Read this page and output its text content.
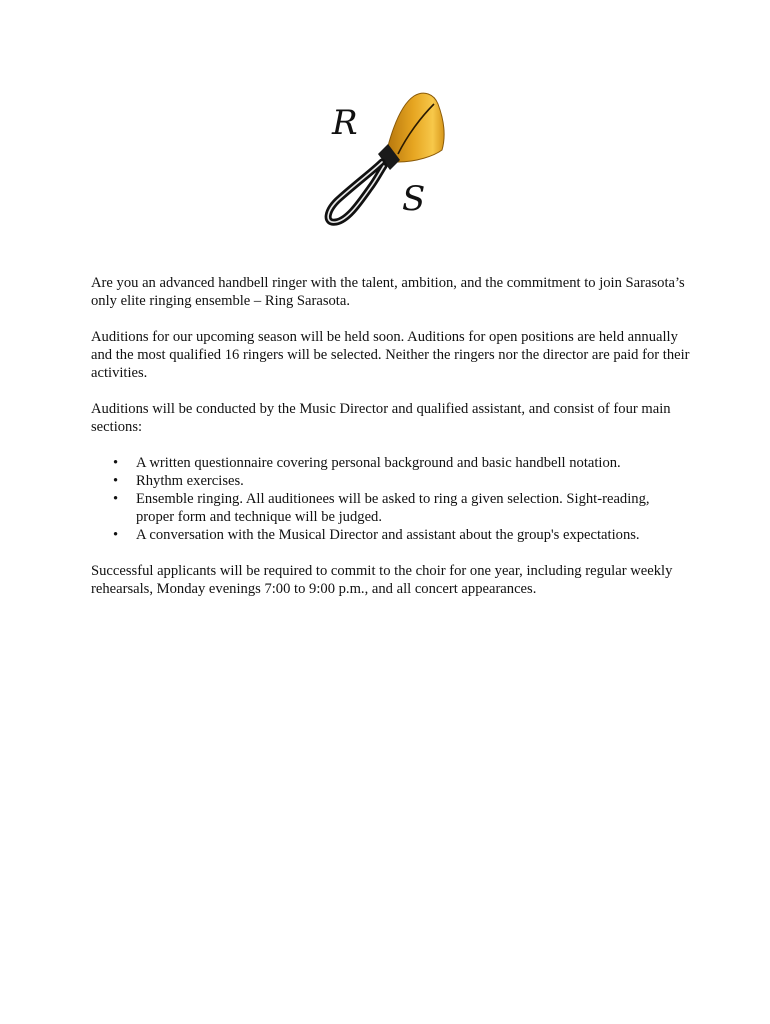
R
S

Are you an advanced handbell ringer with the talent, ambition, and the commitment to join Sarasota’s only elite ringing ensemble – Ring Sarasota.

Auditions for our upcoming season will be held soon. Auditions for open positions are held annually and the most qualified 16 ringers will be selected. Neither the ringers nor the director are paid for their activities.

Auditions will be conducted by the Music Director and qualified assistant, and consist of four main sections:

• A written questionnaire covering personal background and basic handbell notation.
• Rhythm exercises.
• Ensemble ringing. All auditionees will be asked to ring a given selection. Sight-reading, proper form and technique will be judged.
• A conversation with the Musical Director and assistant about the group's expectations.

Successful applicants will be required to commit to the choir for one year, including regular weekly rehearsals, Monday evenings 7:00 to 9:00 p.m., and all concert appearances.
